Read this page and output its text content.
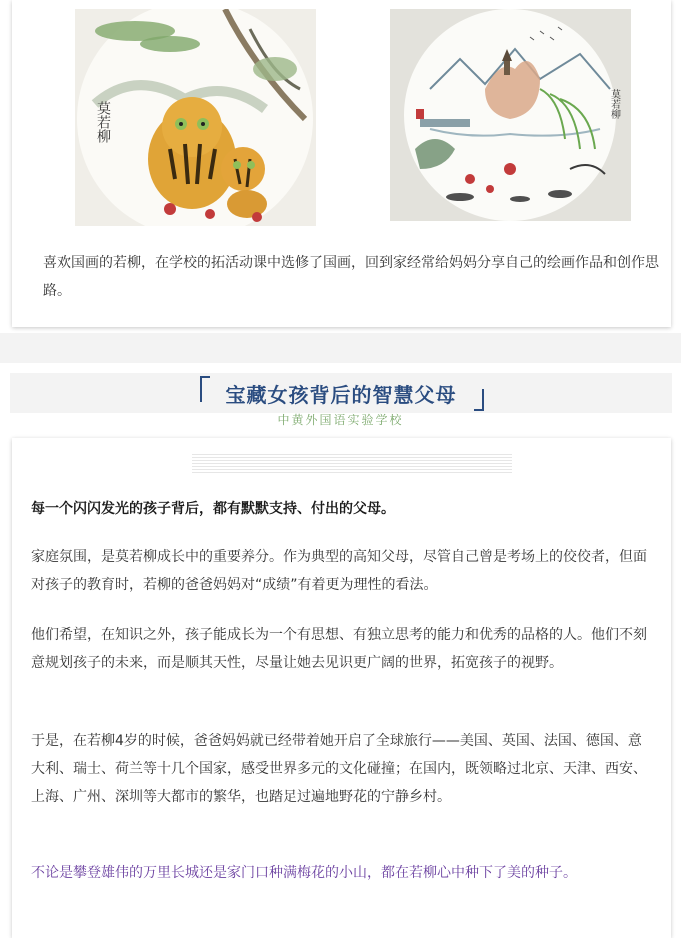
莫若柳	莫若柳

喜欢国画的若柳，在学校的拓活动课中选修了国画，回到家经常给妈妈分享自己的绘画作品和创作思路。

宝藏女孩背后的智慧父母
中黄外国语实验学校

每一个闪闪发光的孩子背后，都有默默支持、付出的父母。

家庭氛围，是莫若柳成长中的重要养分。作为典型的高知父母，尽管自己曾是考场上的佼佼者，但面对孩子的教育时，若柳的爸爸妈妈对“成绩”有着更为理性的看法。

他们希望，在知识之外，孩子能成长为一个有思想、有独立思考的能力和优秀的品格的人。他们不刻意规划孩子的未来，而是顺其天性，尽量让她去见识更广阔的世界，拓宽孩子的视野。

于是，在若柳4岁的时候，爸爸妈妈就已经带着她开启了全球旅行——美国、英国、法国、德国、意大利、瑞士、荷兰等十几个国家，感受世界多元的文化碰撞；在国内，既领略过北京、天津、西安、上海、广州、深圳等大都市的繁华，也踏足过遍地野花的宁静乡村。

不论是攀登雄伟的万里长城还是家门口种满梅花的小山，都在若柳心中种下了美的种子。
